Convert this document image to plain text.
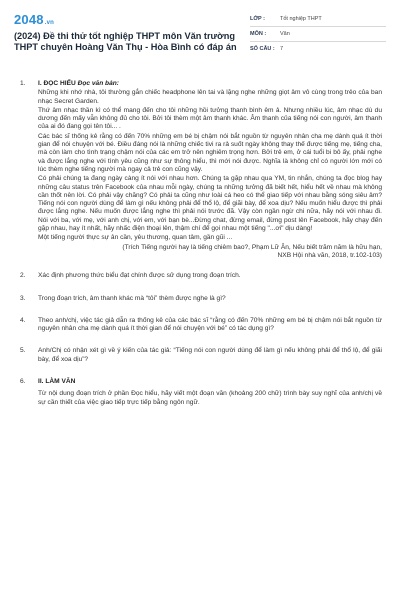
2048.vn
(2024) Đề thi thử tốt nghiệp THPT môn Văn trường THPT chuyên Hoàng Văn Thụ - Hòa Bình có đáp án
LỚP :	Tốt nghiệp THPT
MÔN :	Văn
SỐ CÂU : 7
1. I. ĐỌC HIỂU Đọc văn bản:

Những khi nhớ nhà, tôi thường gắn chiếc headphone lên tai và lặng nghe những giọt âm vô cùng trong trẻo của ban nhạc Secret Garden.

Thứ âm nhạc thần kì có thể mang đến cho tôi những hồi tưởng thanh bình êm ả. Nhưng nhiều lúc, âm nhạc dù du dương đến mấy vẫn không đủ cho tôi. Bởi tôi thèm một âm thanh khác. Âm thanh của tiếng nói con người, âm thanh của ai đó đang gọi tên tôi... .

Các bác sĩ thống kê rằng có đến 70% những em bé bị chậm nói bắt nguồn từ nguyên nhân cha mẹ dành quá ít thời gian để nói chuyện với bé. Điều đáng nói là những chiếc tivi ra rả suốt ngày không thay thế được tiếng mẹ, tiếng cha, mà còn làm cho tình trạng chậm nói của các em trở nên nghiêm trọng hơn. Bởi trẻ em, ở cái tuổi bi bô ấy, phải nghe và được lắng nghe với tình yêu cũng như sự thông hiểu, thì mới nói được. Nghĩa là không chỉ có người lớn mới có lúc thèm nghe tiếng người mà ngay cả trẻ con cũng vậy.

Có phải chúng ta đang ngày càng ít nói với nhau hơn. Chúng ta gặp nhau qua YM, tin nhắn, chúng ta đọc blog hay những câu status trên Facebook của nhau mỗi ngày, chúng ta những tưởng đã biết hết, hiểu hết về nhau mà không cần thốt nên lời. Có phải vậy chăng? Có phải ta cũng như loài cá heo có thể giao tiếp với nhau bằng sóng siêu âm? Tiếng nói con người dùng để làm gì nếu không phải để thổ lộ, để giãi bày, để xoa dịu? Nếu muốn hiểu được thì phải được lắng nghe. Nếu muốn được lắng nghe thì phải nói trước đã. Vậy còn ngần ngừ chi nữa, hãy nói với nhau đi. Nói với ba, với mẹ, với anh chị, với em, với bạn bè...Đừng chat, đừng email, đừng post lên Facebook, hãy chạy đến gặp nhau, hay ít nhất, hãy nhấc điện thoại lên, thậm chí để gọi nhau một tiếng "...ơi" dịu dàng!

Một tiếng người thực sự ân cần, yêu thương, quan tâm, gần gũi ...

(Trích Tiếng người hay là tiếng chiêm bao?, Phạm Lữ Ân, Nếu biết trăm năm là hữu hạn,

NXB Hội nhà văn, 2018, tr.102-103)

2. Xác định phương thức biểu đạt chính được sử dụng trong đoạn trích.

3. Trong đoạn trích, âm thanh khác mà “tôi” thèm được nghe là gì?

4. Theo anh/chị, việc tác giả dẫn ra thống kê của các bác sĩ “rằng có đến 70% những em bé bị chậm nói bắt nguồn từ nguyên nhân cha mẹ dành quá ít thời gian để nói chuyện với bé” có tác dụng gì?

5. Anh/Chị có nhận xét gì về ý kiến của tác giả: “Tiếng nói con người dùng để làm gì nếu không phải để thổ lộ, để giãi bày, để xoa dịu”?

6. II. LÀM VĂN

Từ nội dung đoạn trích ở phần Đọc hiểu, hãy viết một đoạn văn (khoảng 200 chữ) trình bày suy nghĩ của anh/chị về sự cần thiết của việc giao tiếp trực tiếp bằng ngôn ngữ.
